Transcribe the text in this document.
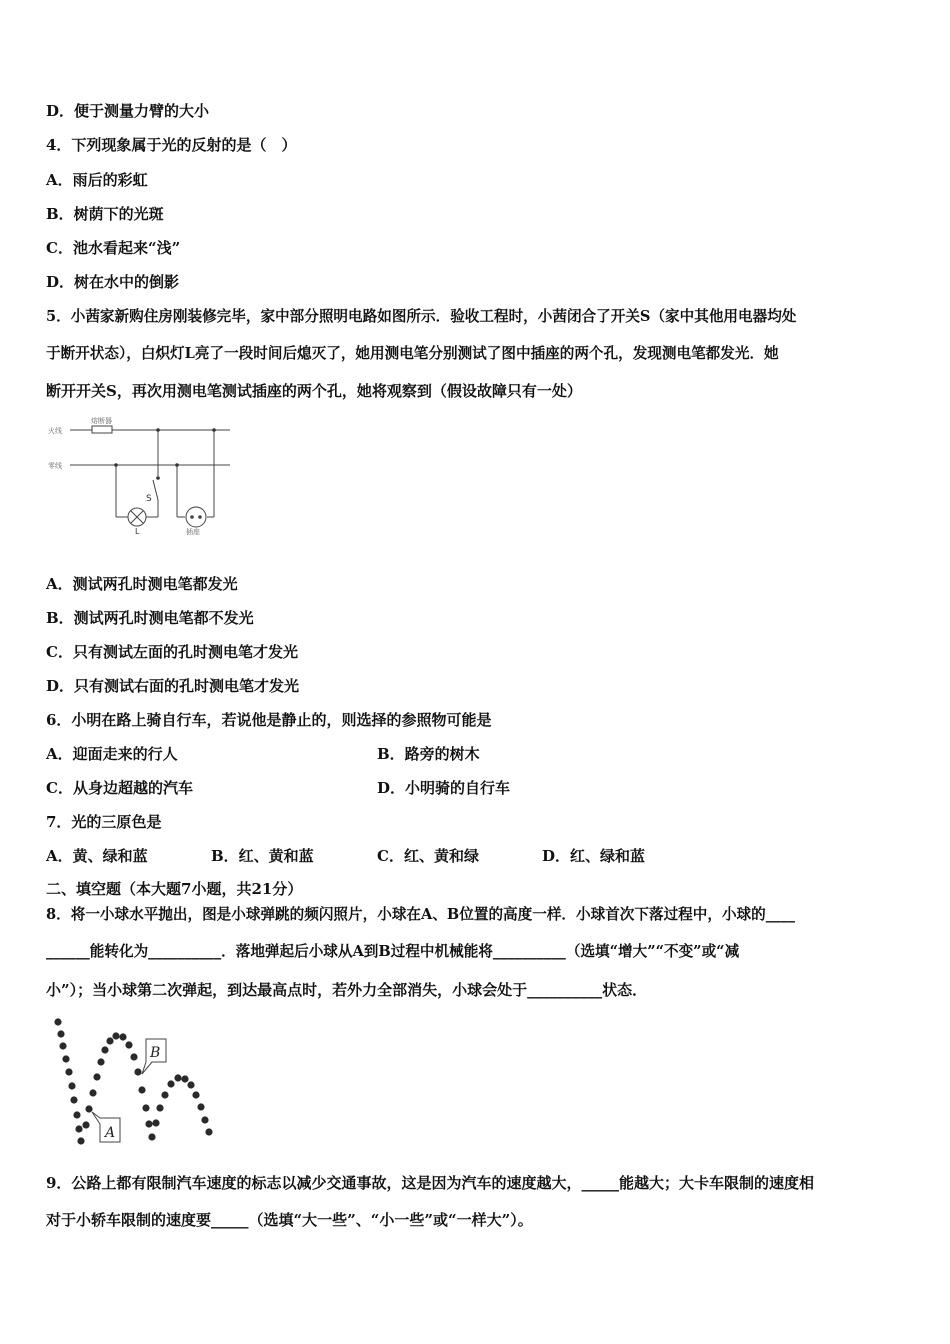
D．便于测量力臂的大小
4．下列现象属于光的反射的是（　）
A．雨后的彩虹
B．树荫下的光斑
C．池水看起来“浅”
D．树在水中的倒影
5．小茜家新购住房刚装修完毕，家中部分照明电路如图所示．验收工程时，小茜闭合了开关S（家中其他用电器均处
于断开状态），白炽灯L亮了一段时间后熄灭了，她用测电笔分别测试了图中插座的两个孔，发现测电笔都发光．她
断开开关S，再次用测电笔测试插座的两个孔，她将观察到（假设故障只有一处）
火线
零线
熔断器
S
L	插座
A．测试两孔时测电笔都发光
B．测试两孔时测电笔都不发光
C．只有测试左面的孔时测电笔才发光
D．只有测试右面的孔时测电笔才发光
6．小明在路上骑自行车，若说他是静止的，则选择的参照物可能是
A．迎面走来的行人	B．路旁的树木
C．从身边超越的汽车	D．小明骑的自行车
7．光的三原色是
A．黄、绿和蓝	B．红、黄和蓝	C．红、黄和绿	D．红、绿和蓝
二、填空题（本大题7小题，共21分）
8．将一小球水平抛出，图是小球弹跳的频闪照片，小球在A、B位置的高度一样．小球首次下落过程中，小球的____
______能转化为__________．落地弹起后小球从A到B过程中机械能将__________（选填“增大”“不变”或“减
小”）；当小球第二次弹起，到达最高点时，若外力全部消失，小球会处于__________状态．
A
B
9．公路上都有限制汽车速度的标志以减少交通事故，这是因为汽车的速度越大，_____能越大；大卡车限制的速度相
对于小轿车限制的速度要_____（选填“大一些”、“小一些”或“一样大”）。
